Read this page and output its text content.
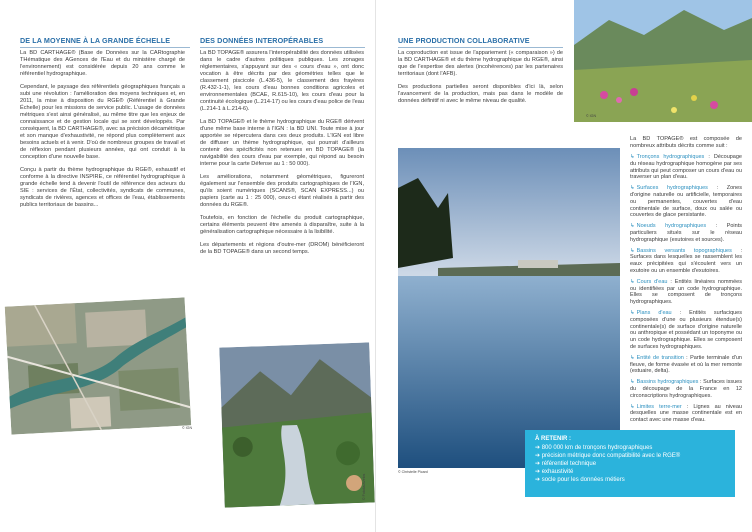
DE LA MOYENNE À LA GRANDE ÉCHELLE

La BD CARTHAGE® (Base de Données sur la CARtographie THématique des AGences de l'Eau et du ministère chargé de l'environnement) est considérée depuis 20 ans comme le référentiel hydrographique.

Cependant, le paysage des référentiels géographiques français a subi une révolution : l'amélioration des moyens techniques et, en 2011, la mise à disposition du RGE® (Référentiel à Grande Échelle) pour les missions de service public. L'usage de données métriques s'est ainsi généralisé, au même titre que les enjeux de connaissance et de gestion locale qui se sont développés. Par conséquent, la BD CARTHAGE®, avec sa précision décamétrique et son manque d'exhaustivité, ne répond plus complètement aux besoins actuels et à venir. D'où de nombreux groupes de travail et de réflexion pendant plusieurs années, qui ont conduit à la conception d'une nouvelle base.

Conçu à partir du thème hydrographique du RGE®, exhaustif et conforme à la directive INSPIRE, ce référentiel hydrographique à grande échelle tend à devenir l'outil de référence des acteurs du SIE : services de l'État, collectivités, syndicats de communes, syndicats de rivières, agences et offices de l'eau, établissements publics territoriaux de bassins...

DES DONNÉES INTEROPÉRABLES

La BD TOPAGE® assurera l'interopérabilité des données utilisées dans le cadre d'autres politiques publiques. Les zonages réglementaires, s'appuyant sur des « cours d'eau », ont donc vocation à être décrits par des géométries telles que le classement piscicole (L.436-5), le classement des frayères (R.432-1-1), les cours d'eau bonnes conditions agricoles et environnementales (BCAE, R.615-10), les cours d'eau pour la continuité écologique (L.214-17) ou les cours d'eau police de l'eau (L.214-1 à L.214-6).

La BD TOPAGE® et le thème hydrographique du RGE® dérivent d'une même base interne à l'IGN : la BD UNI. Toute mise à jour apportée se répercutera dans ces deux produits. L'IGN est libre de diffuser un thème hydrographique, qui pourrait d'ailleurs contenir des spécificités non retenues en BD TOPAGE® (la navigabilité des cours d'eau par exemple, qui répond au besoin interne pour la carte Défense au 1 : 50 000).

Les améliorations, notamment géométriques, figureront également sur l'ensemble des produits cartographiques de l'IGN, qu'ils soient numériques (SCANS®, SCAN EXPRESS...) ou papiers (carte au 1 : 25 000), ceux-ci étant réalisés à partir des données du RGE®.

Toutefois, en fonction de l'échelle du produit cartographique, certains éléments peuvent être amenés à disparaître, suite à la généralisation cartographique nécessaire à la lisibilité.

Les départements et régions d'outre-mer (DROM) bénéficieront de la BD TOPAGE® dans un second temps.

© IGN
© Fotolia/AVelos
UNE PRODUCTION COLLABORATIVE

La coproduction est issue de l'appariement (« comparaison ») de la BD CARTHAGE® et du thème hydrographique du RGE®, ainsi que de l'expertise des alertes (incohérences) par les partenaires territoriaux (dont l'AFB).

Des productions partielles seront disponibles d'ici là, selon l'avancement de la production, mais pas dans le modèle de données définitif ni avec le même niveau de qualité.

© IGN
© Christelle Picard

La BD TOPAGE® est composée de nombreux attributs décrits comme suit :

↳ Tronçons hydrographiques : Découpage du réseau hydrographique homogène par ses attributs qui peut composer un cours d'eau ou traverser un plan d'eau.
↳ Surfaces hydrographiques : Zones d'origine naturelle ou artificielle, temporaires ou permanentes, couvertes d'eau continentale de surface, doux ou salée ou couvertes de glace persistante.
↳ Noeuds hydrographiques : Points particuliers situés sur le réseau hydrographique (exutoires et sources).
↳ Bassins versants topographiques : Surfaces dans lesquelles se rassemblent les eaux précipitées qui s'écoulent vers un exutoire ou un ensemble d'exutoires.
↳ Cours d'eau : Entités linéaires nommées ou identifiées par un code hydrographique. Elles se composent de tronçons hydrographiques.
↳ Plans d'eau : Entités surfaciques composées d'une ou plusieurs étendue(s) continentale(s) de surface d'origine naturelle ou anthropique et possédant un toponyme ou un code hydrographique. Elles se composent de surfaces hydrographiques.
↳ Entité de transition : Partie terminale d'un fleuve, de forme évasée et où la mer remonte (estuaire, delta).
↳ Bassins hydrographiques : Surfaces issues du découpage de la France en 12 circonscriptions hydrographiques.
↳ Limites terre-mer : Lignes au niveau desquelles une masse continentale est en contact avec une masse d'eau.
À RETENIR :
➔ 800 000 km de tronçons hydrographiques
➔ précision métrique donc compatibilité avec le RGE®
➔ référentiel technique
➔ exhaustivité
➔ socle pour les données métiers
